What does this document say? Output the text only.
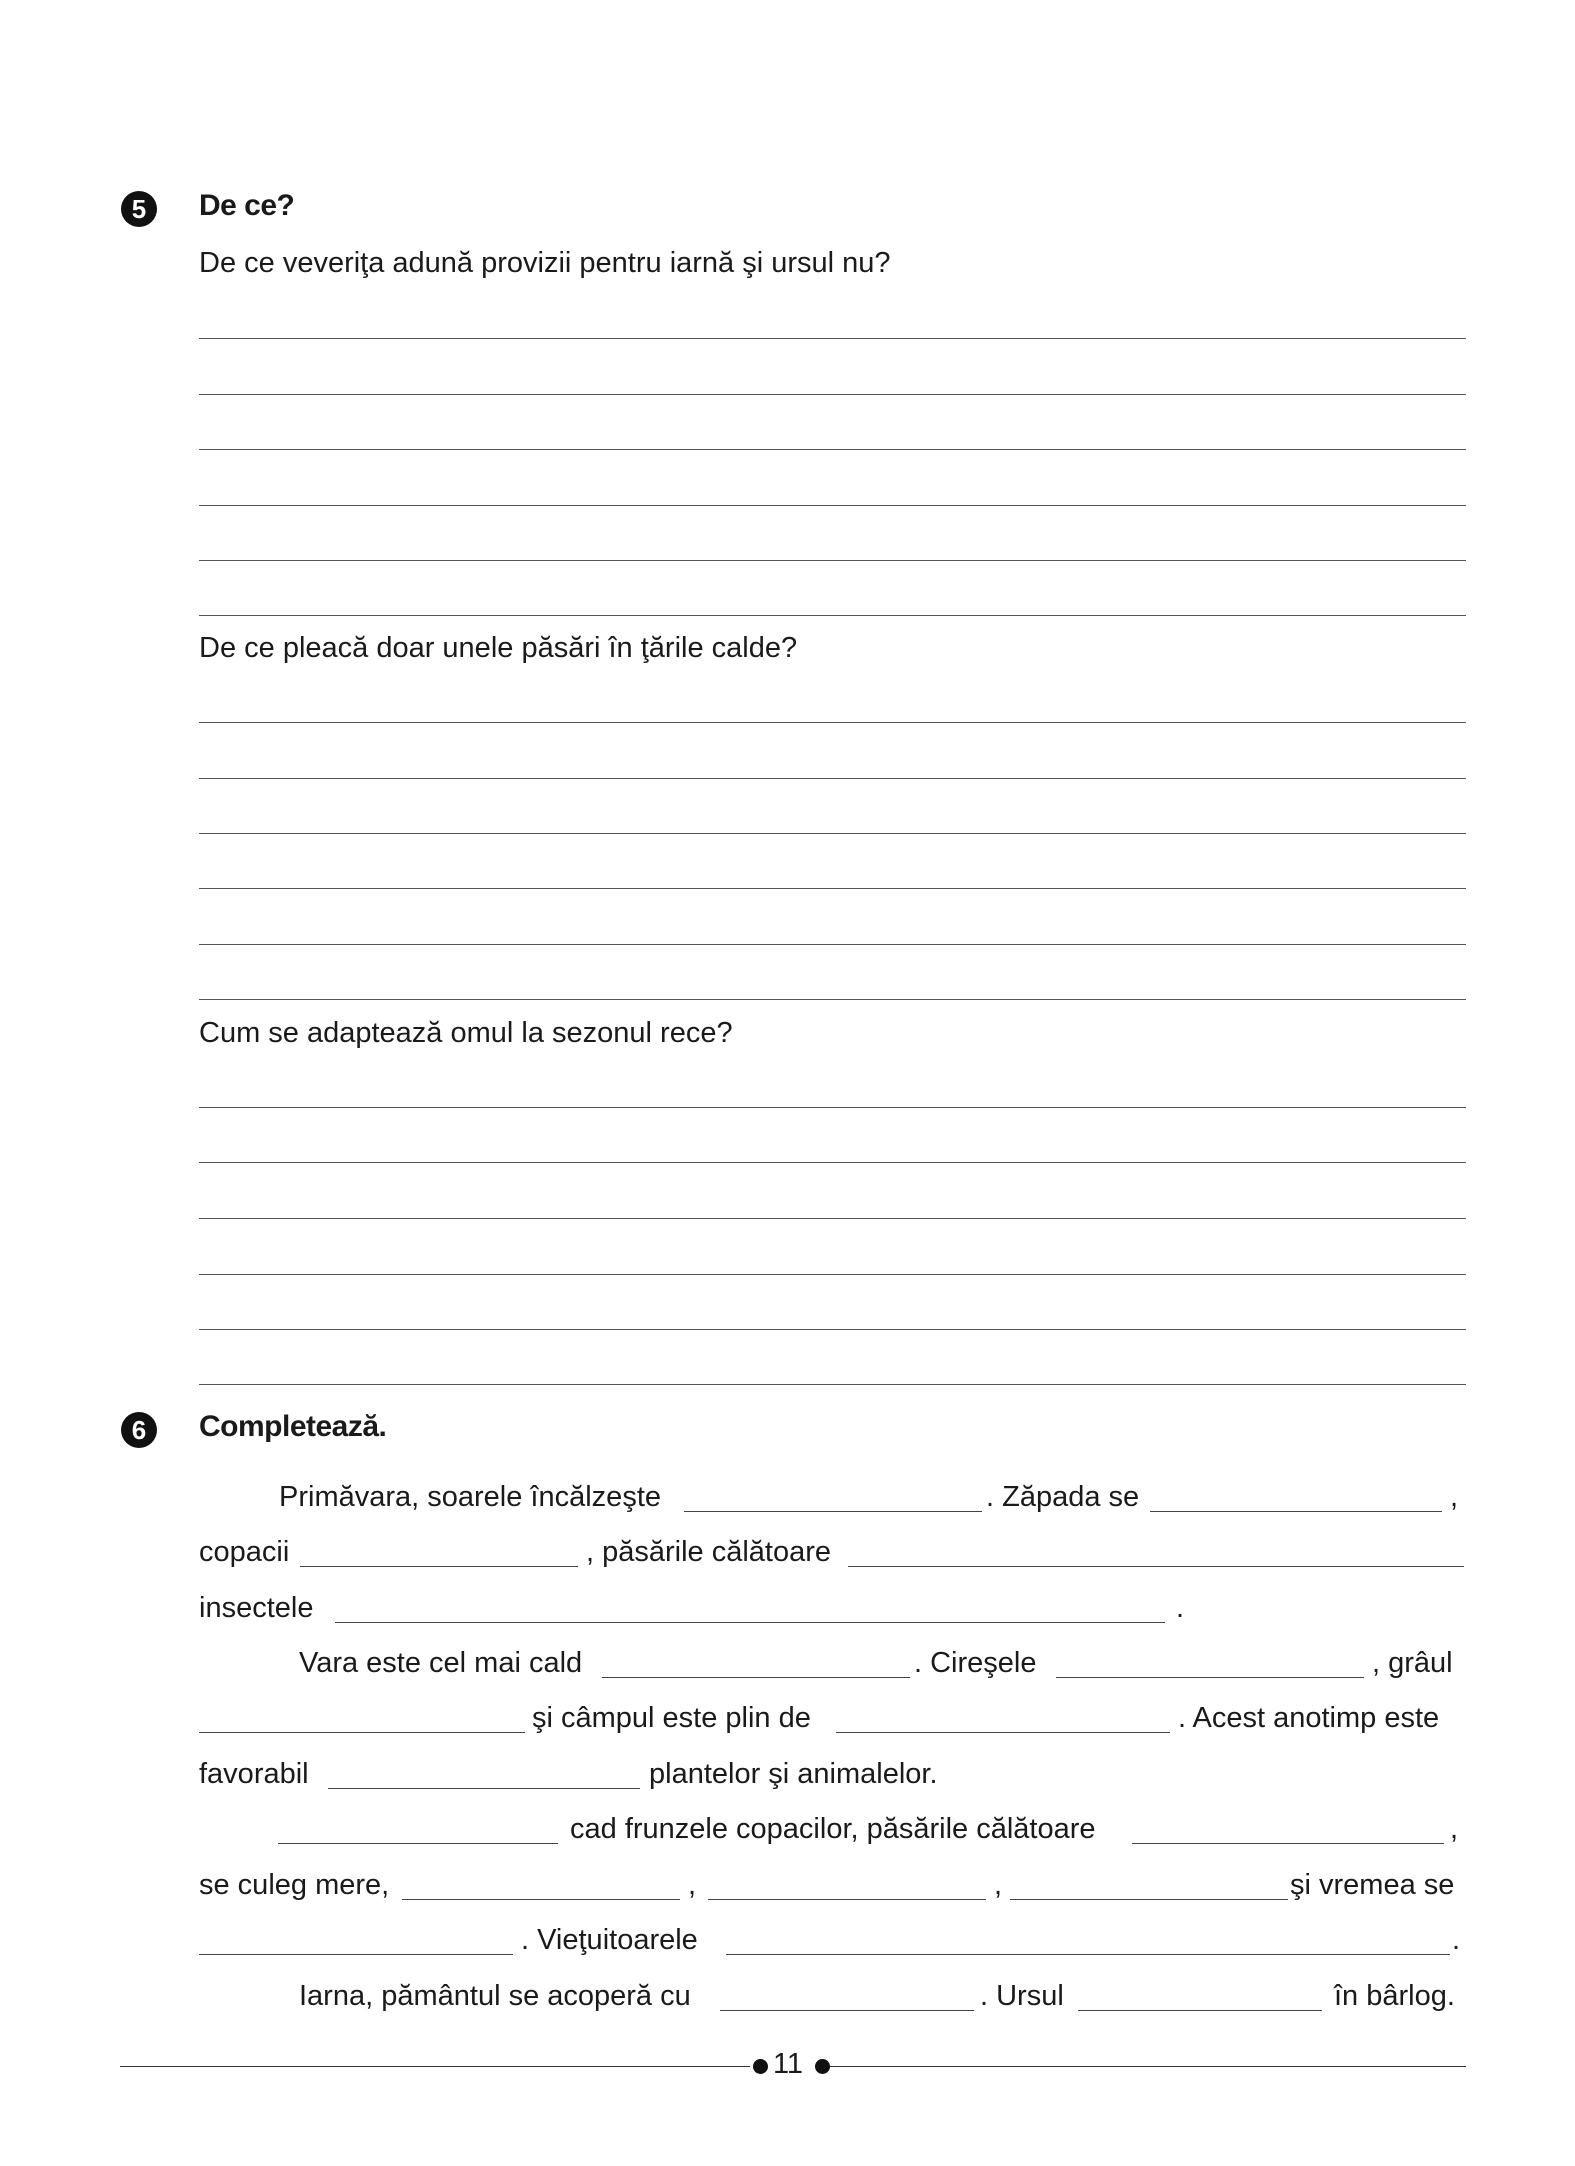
5 De ce?
De ce veveriţa adună provizii pentru iarnă şi ursul nu?
De ce pleacă doar unele păsări în ţările calde?
Cum se adaptează omul la sezonul rece?
6 Completează.
Primăvara, soarele încălzeşte	. Zăpada se	,
copacii	, păsările călătoare
insectele	.
Vara este cel mai cald	. Cireşele	, grâul
şi câmpul este plin de	. Acest anotimp este
favorabil	plantelor şi animalelor.
cad frunzele copacilor, păsările călătoare	,
se culeg mere,	,	,	şi vremea se
. Vieţuitoarele	.
Iarna, pământul se acoperă cu	. Ursul	în bârlog.
11
